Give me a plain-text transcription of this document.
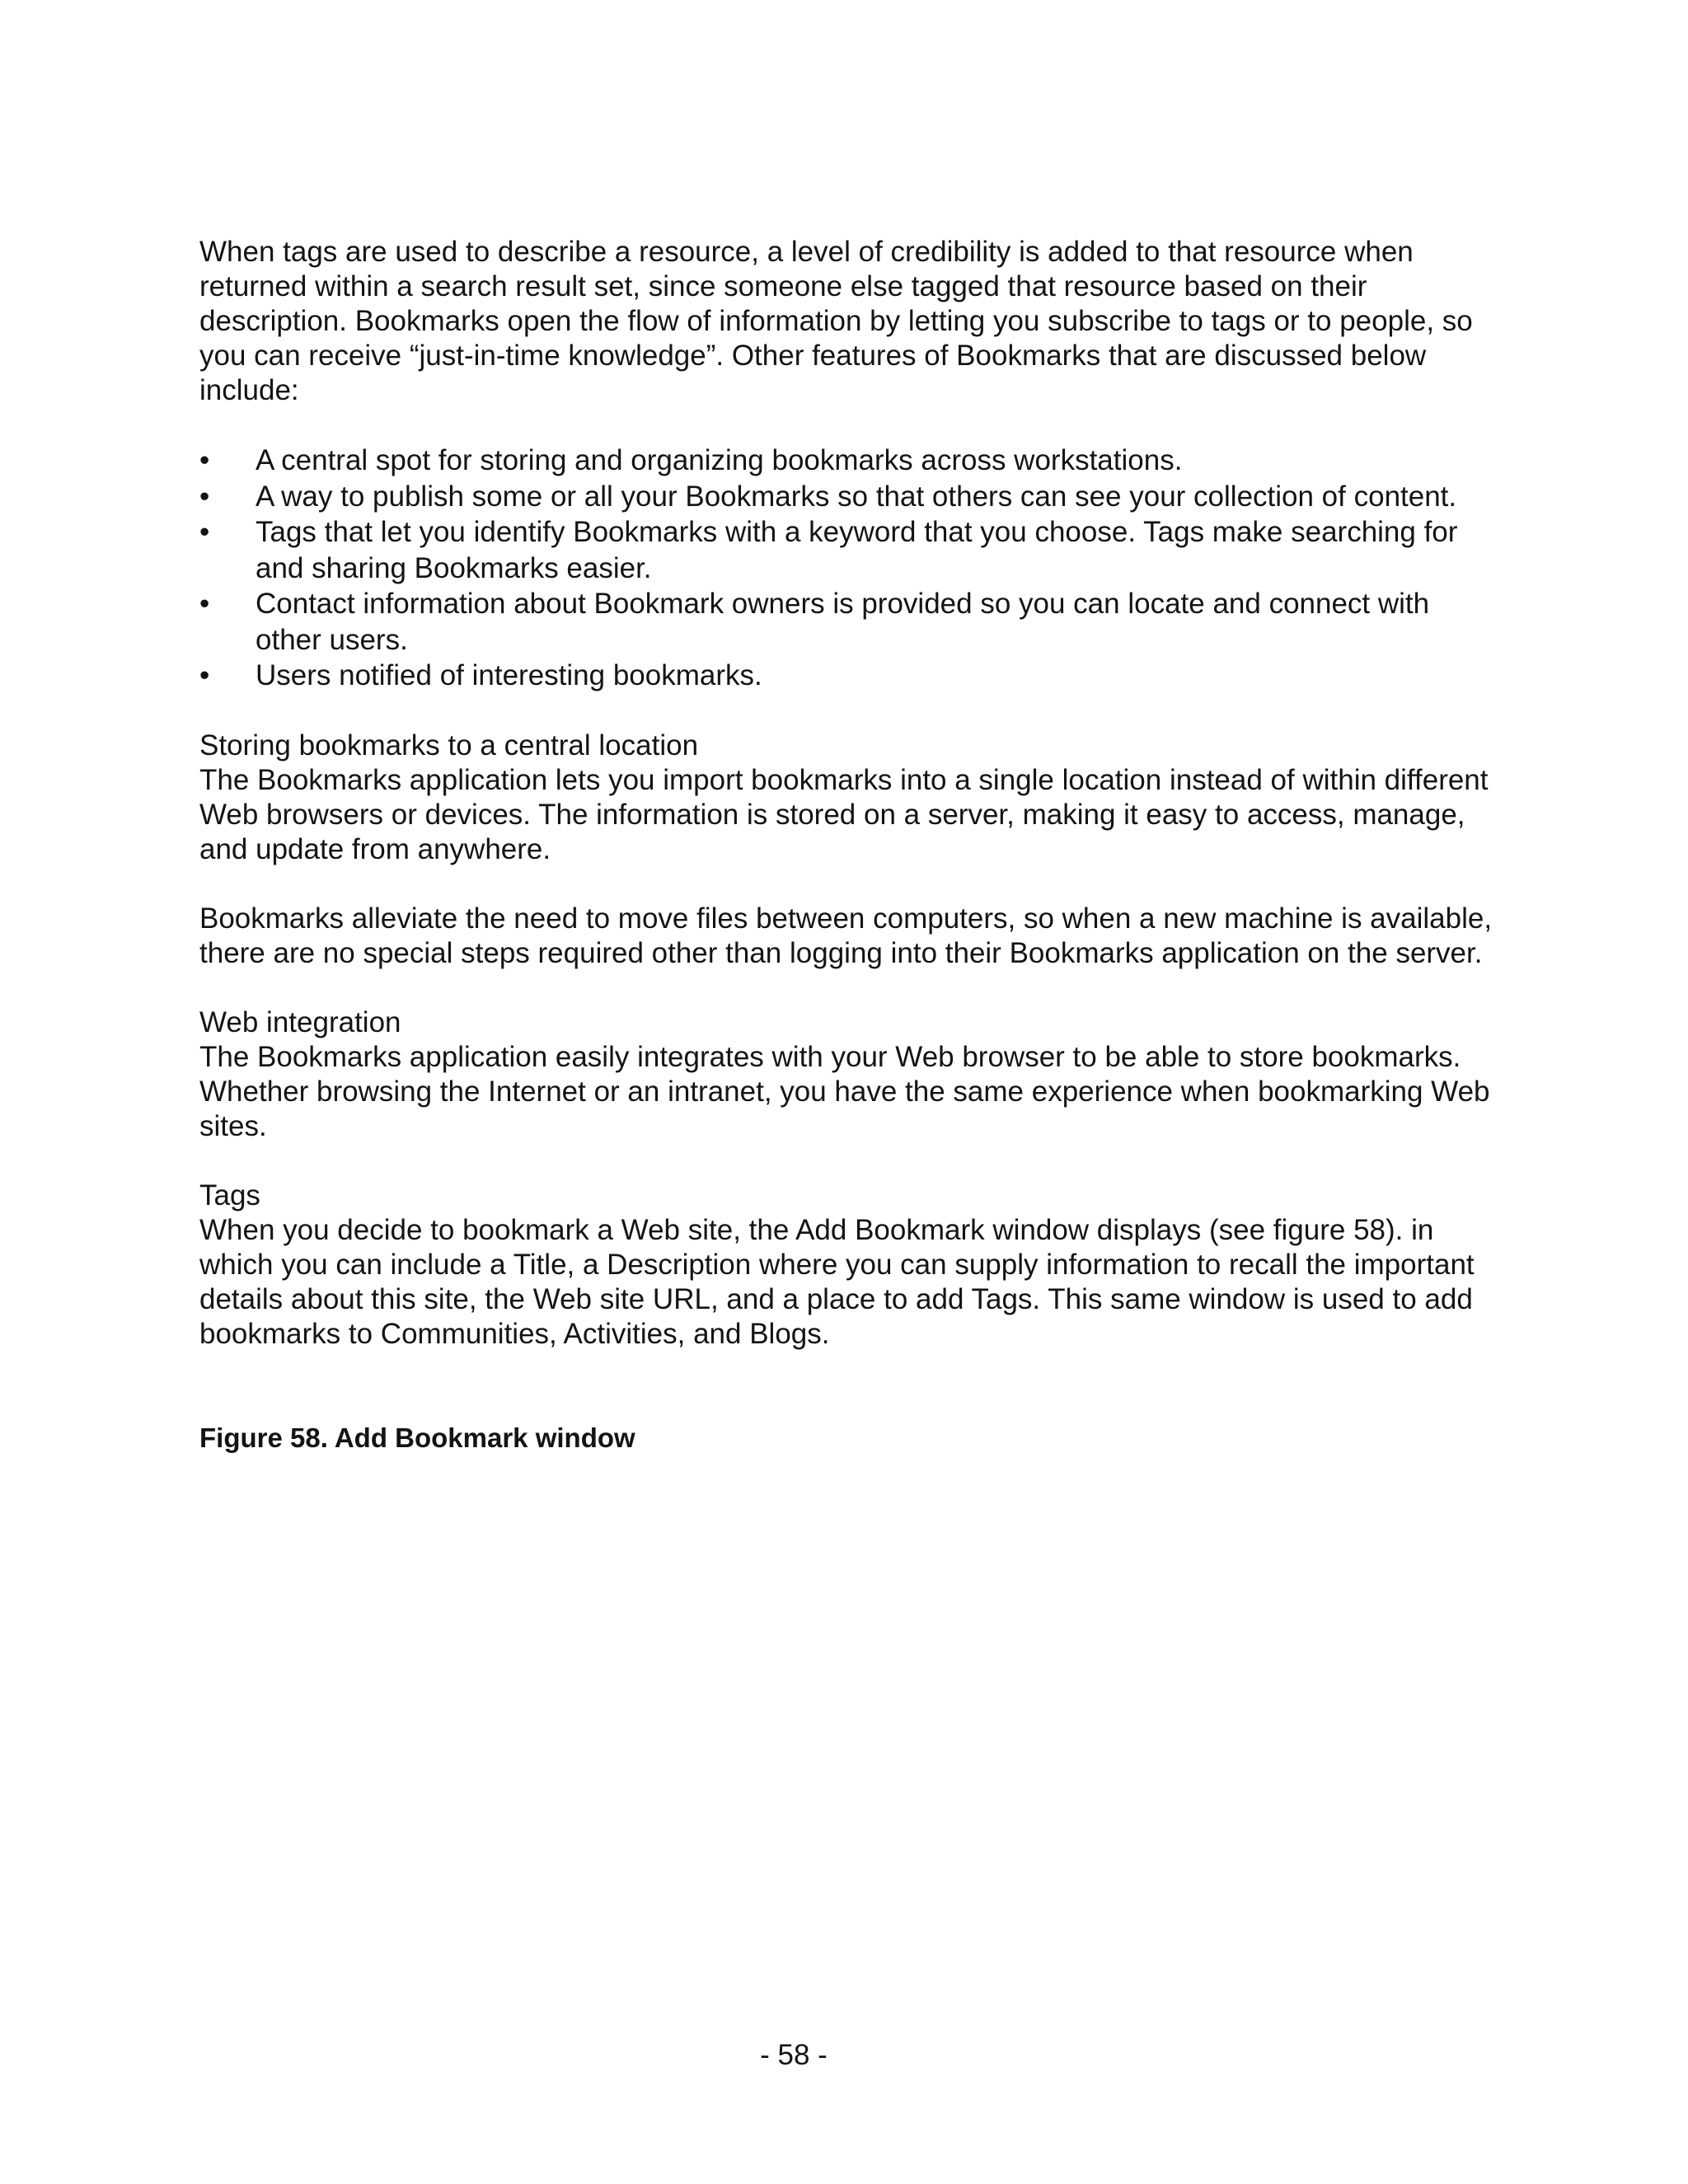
When tags are used to describe a resource, a level of credibility is added to that resource when returned within a search result set, since someone else tagged that resource based on their description. Bookmarks open the flow of information by letting you subscribe to tags or to people, so you can receive “just-in-time knowledge”. Other features of Bookmarks that are discussed below include:

• A central spot for storing and organizing bookmarks across workstations.
• A way to publish some or all your Bookmarks so that others can see your collection of content.
• Tags that let you identify Bookmarks with a keyword that you choose. Tags make searching for and sharing Bookmarks easier.
• Contact information about Bookmark owners is provided so you can locate and connect with other users.
• Users notified of interesting bookmarks.
Storing bookmarks to a central location

The Bookmarks application lets you import bookmarks into a single location instead of within different Web browsers or devices. The information is stored on a server, making it easy to access, manage, and update from anywhere.

Bookmarks alleviate the need to move files between computers, so when a new machine is available, there are no special steps required other than logging into their Bookmarks application on the server.

Web integration

The Bookmarks application easily integrates with your Web browser to be able to store bookmarks. Whether browsing the Internet or an intranet, you have the same experience when bookmarking Web sites.

Tags

When you decide to bookmark a Web site, the Add Bookmark window displays (see figure 58). in which you can include a Title, a Description where you can supply information to recall the important details about this site, the Web site URL, and a place to add Tags. This same window is used to add bookmarks to Communities, Activities, and Blogs.

Figure 58. Add Bookmark window
- 58 -
